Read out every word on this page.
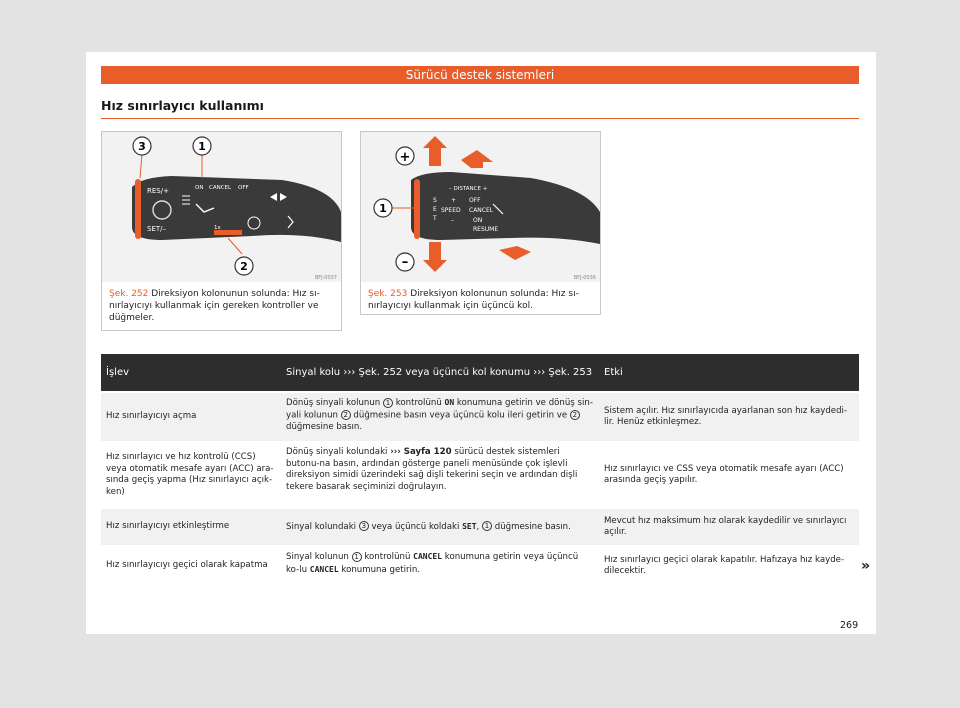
Sürücü destek sistemleri
Hız sınırlayıcı kullanımı
RES/+
SET/–
ON CANCEL OFF
1x
1
3
2
BFJ-0037
Şek. 252 Direksiyon kolonunun solunda: Hız sı-nırlayıcıyı kullanmak için gereken kontroller ve düğmeler.
– DISTANCE +
S
E
T
+
SPEED
–
OFF
CANCEL
ON
RESUME
+
–
1
BFJ-0036
Şek. 253 Direksiyon kolonunun solunda: Hız sı-nırlayıcıyı kullanmak için üçüncü kol.
İşlev	Sinyal kolu ››› Şek. 252 veya üçüncü kol konumu ››› Şek. 253	Etki
Hız sınırlayıcıyı açma	Dönüş sinyali kolunun 1 kontrolünü ON konumuna getirin ve dönüş sin-yali kolunun 2 düğmesine basın veya üçüncü kolu ileri getirin ve 2 düğmesine basın.	Sistem açılır. Hız sınırlayıcıda ayarlanan son hız kaydedi-lir. Henüz etkinleşmez.
Hız sınırlayıcı ve hız kontrolü (CCS) veya otomatik mesafe ayarı (ACC) ara-sında geçiş yapma (Hız sınırlayıcı açık-ken)	Dönüş sinyali kolundaki ››› Sayfa 120 sürücü destek sistemleri butonu-na basın, ardından gösterge paneli menüsünde çok işlevli direksiyon simidi üzerindeki sağ dişli tekerini seçin ve ardından dişli tekere basarak seçiminizi doğrulayın.	Hız sınırlayıcı ve CSS veya otomatik mesafe ayarı (ACC) arasında geçiş yapılır.
Hız sınırlayıcıyı etkinleştirme	Sinyal kolundaki 3 veya üçüncü koldaki SET, 1 düğmesine basın.	Mevcut hız maksimum hız olarak kaydedilir ve sınırlayıcı açılır.
Hız sınırlayıcıyı geçici olarak kapatma	Sinyal kolunun 1 kontrolünü CANCEL konumuna getirin veya üçüncü ko-lu CANCEL konumuna getirin.	Hız sınırlayıcı geçici olarak kapatılır. Hafızaya hız kayde-dilecektir.	»
269
